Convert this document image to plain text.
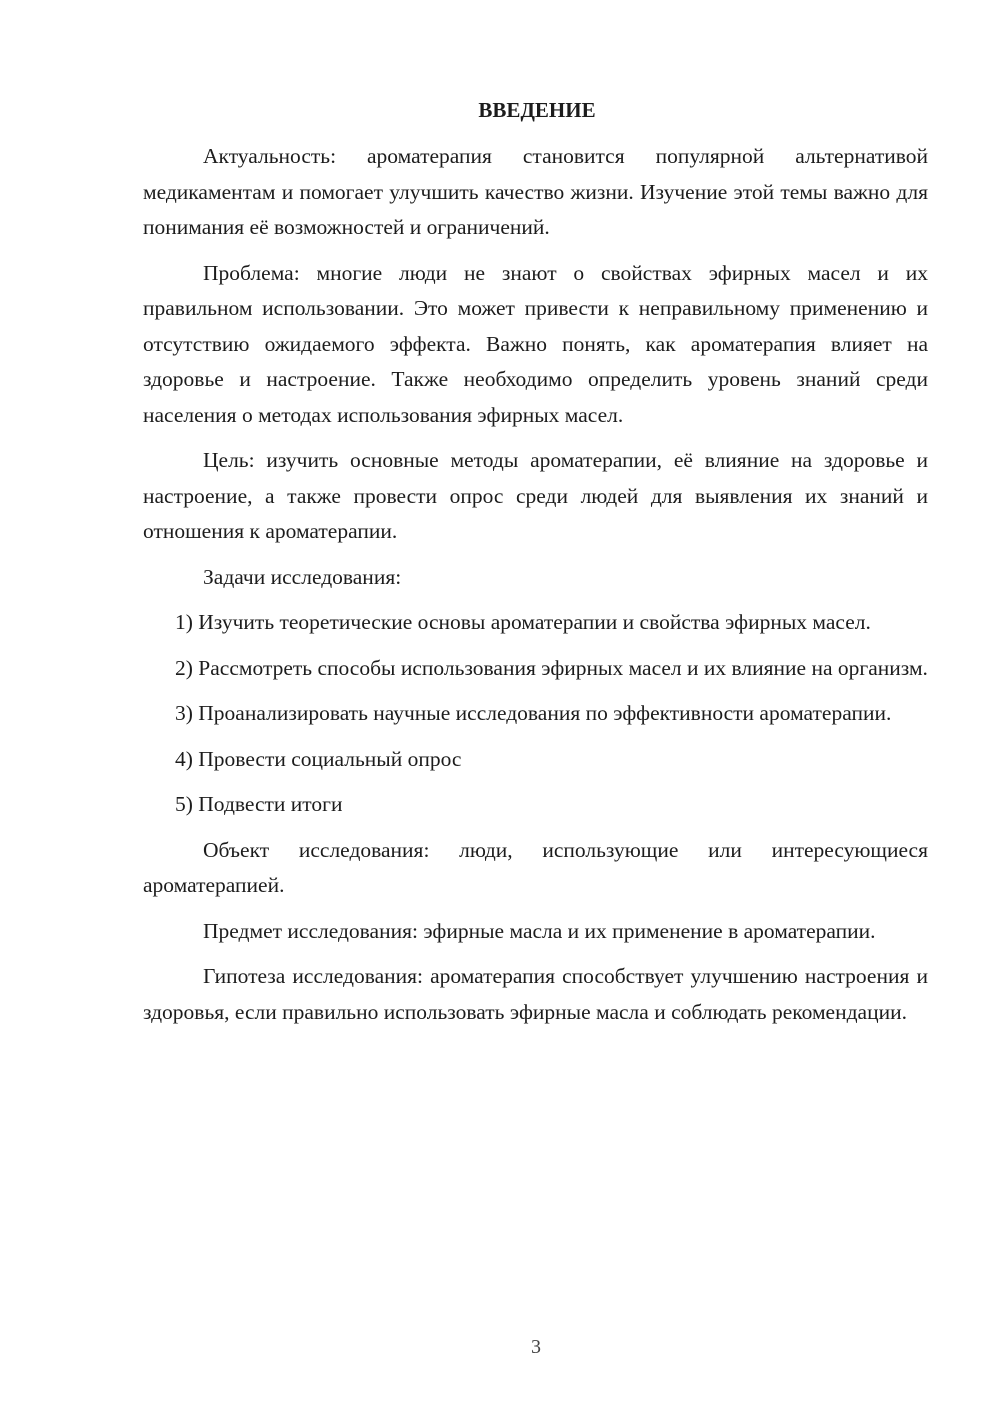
ВВЕДЕНИЕ

Актуальность: ароматерапия становится популярной альтернативой медикаментам и помогает улучшить качество жизни. Изучение этой темы важно для понимания её возможностей и ограничений.

Проблема: многие люди не знают о свойствах эфирных масел и их правильном использовании. Это может привести к неправильному применению и отсутствию ожидаемого эффекта. Важно понять, как ароматерапия влияет на здоровье и настроение. Также необходимо определить уровень знаний среди населения о методах использования эфирных масел.

Цель: изучить основные методы ароматерапии, её влияние на здоровье и настроение, а также провести опрос среди людей для выявления их знаний и отношения к ароматерапии.

Задачи исследования:

1) Изучить теоретические основы ароматерапии и свойства эфирных масел.

2) Рассмотреть способы использования эфирных масел и их влияние на организм.

3) Проанализировать научные исследования по эффективности ароматерапии.

4) Провести социальный опрос

5) Подвести итоги

Объект исследования: люди, использующие или интересующиеся ароматерапией.

Предмет исследования: эфирные масла и их применение в ароматерапии.

Гипотеза исследования: ароматерапия способствует улучшению настроения и здоровья, если правильно использовать эфирные масла и соблюдать рекомендации.

3
